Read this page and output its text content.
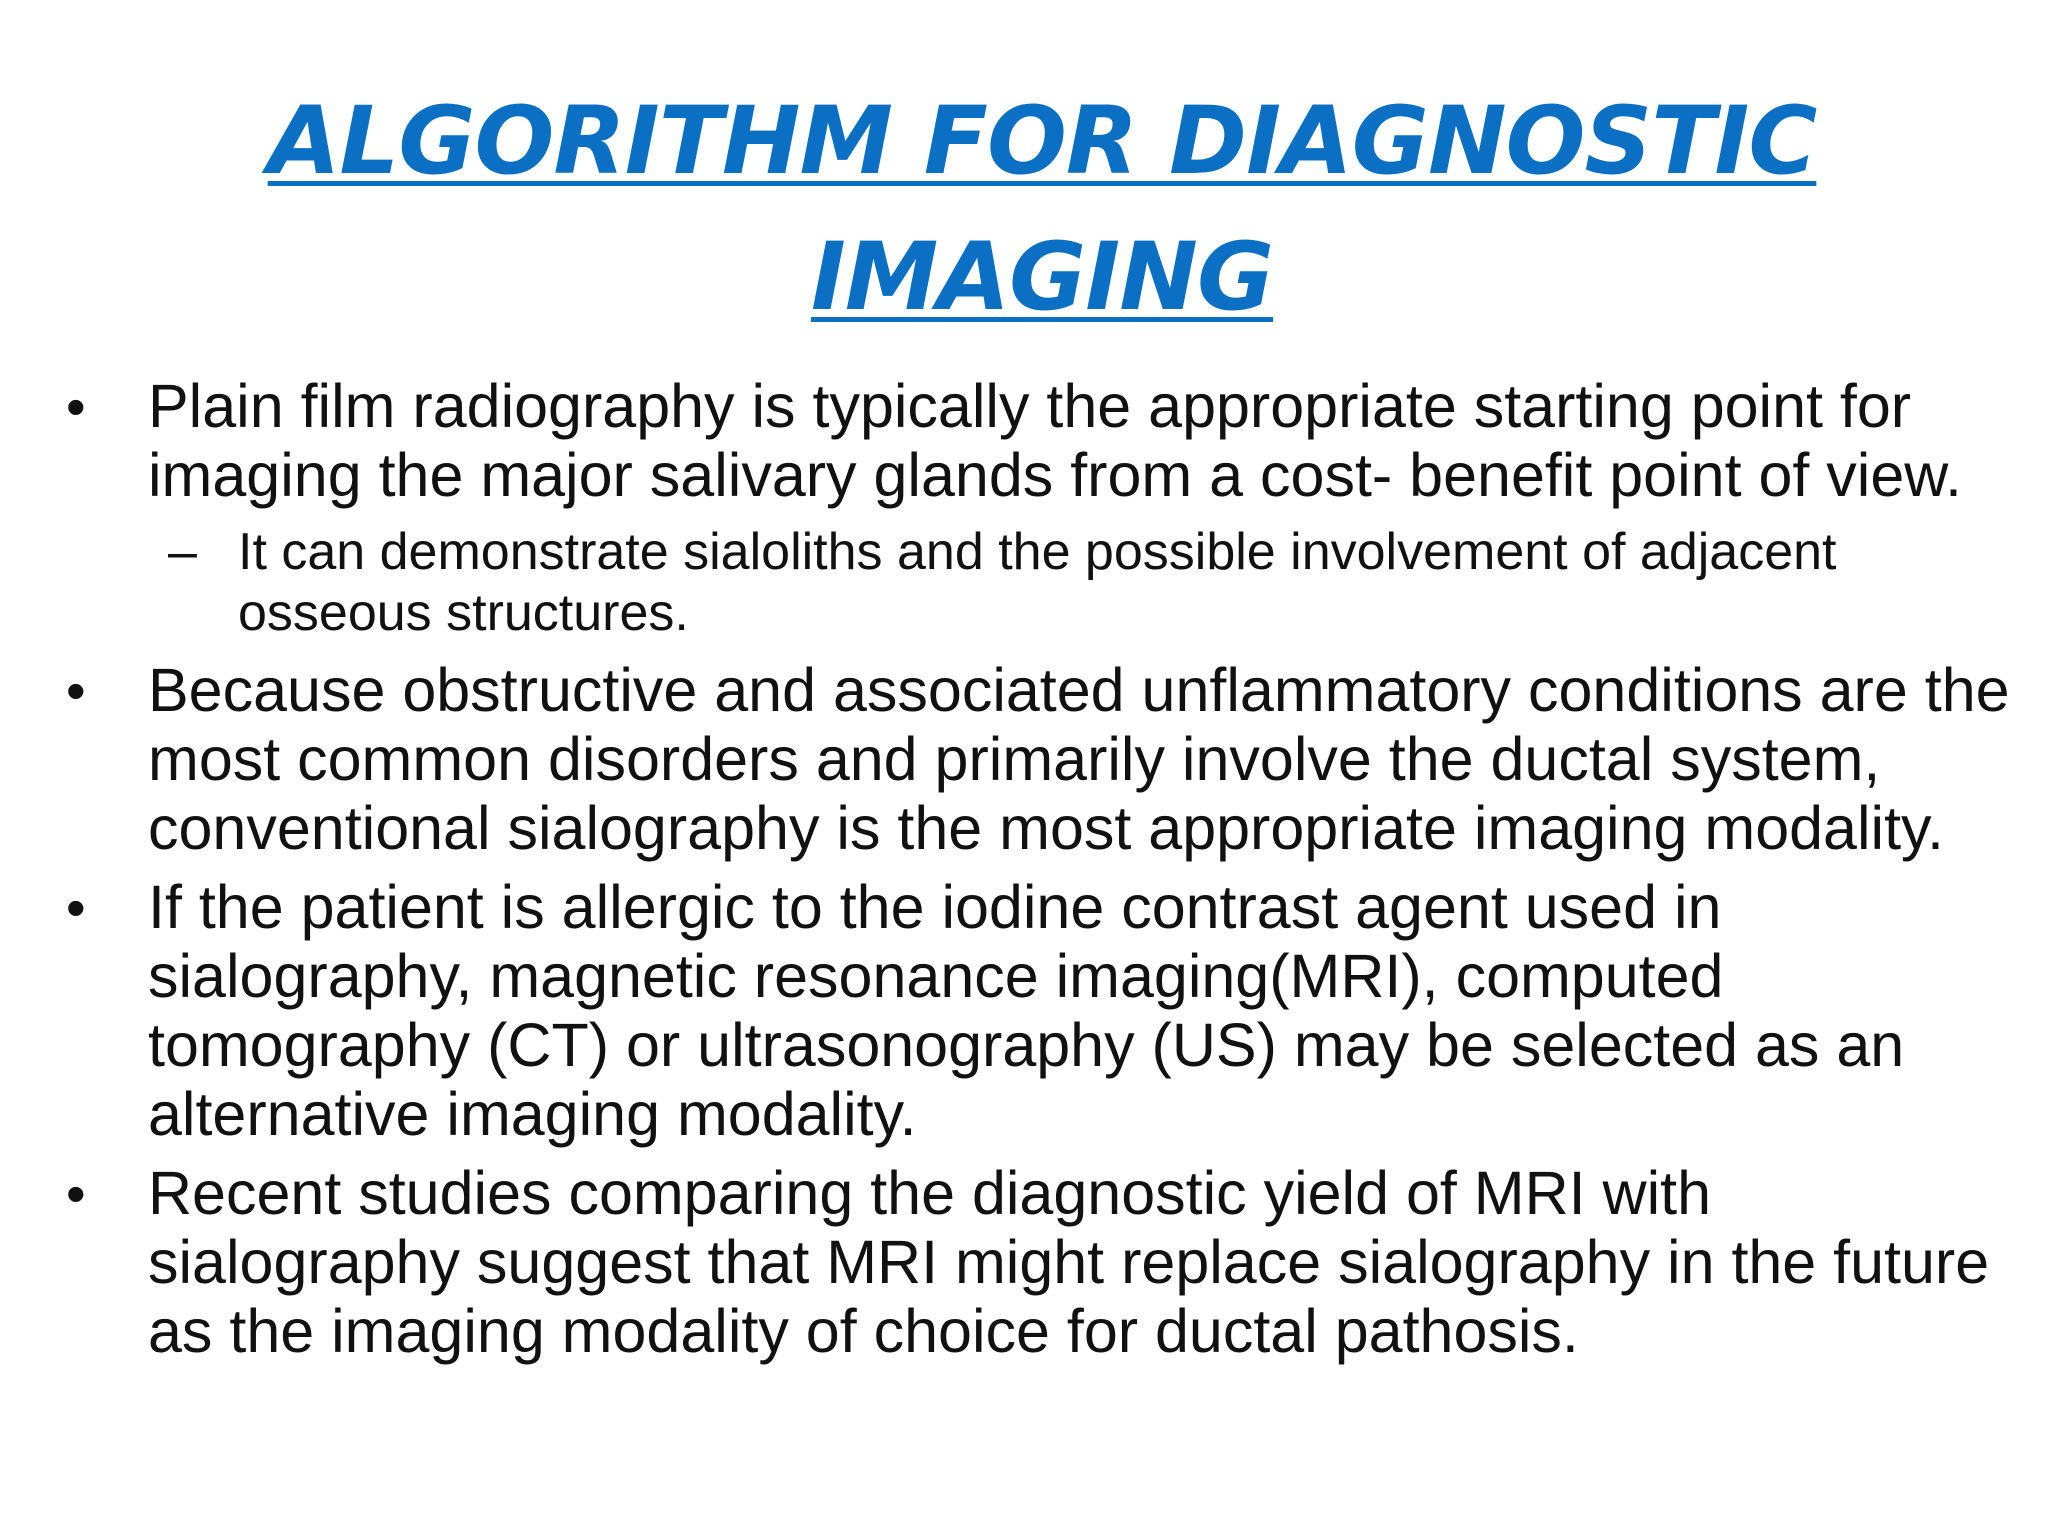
ALGORITHM FOR DIAGNOSTIC
IMAGING
• Plain film radiography is typically the appropriate starting point for imaging the major salivary glands from a cost- benefit point of view.
– It can demonstrate sialoliths and the possible involvement of adjacent osseous structures.
• Because obstructive and associated unflammatory conditions are the most common disorders and primarily involve the ductal system, conventional sialography is the most appropriate imaging modality.
• If the patient is allergic to the iodine contrast agent used in sialography, magnetic resonance imaging(MRI), computed tomography (CT) or ultrasonography (US) may be selected as an alternative imaging modality.
• Recent studies comparing the diagnostic yield of MRI with sialography suggest that MRI might replace sialography in the future as the imaging modality of choice for ductal pathosis.
